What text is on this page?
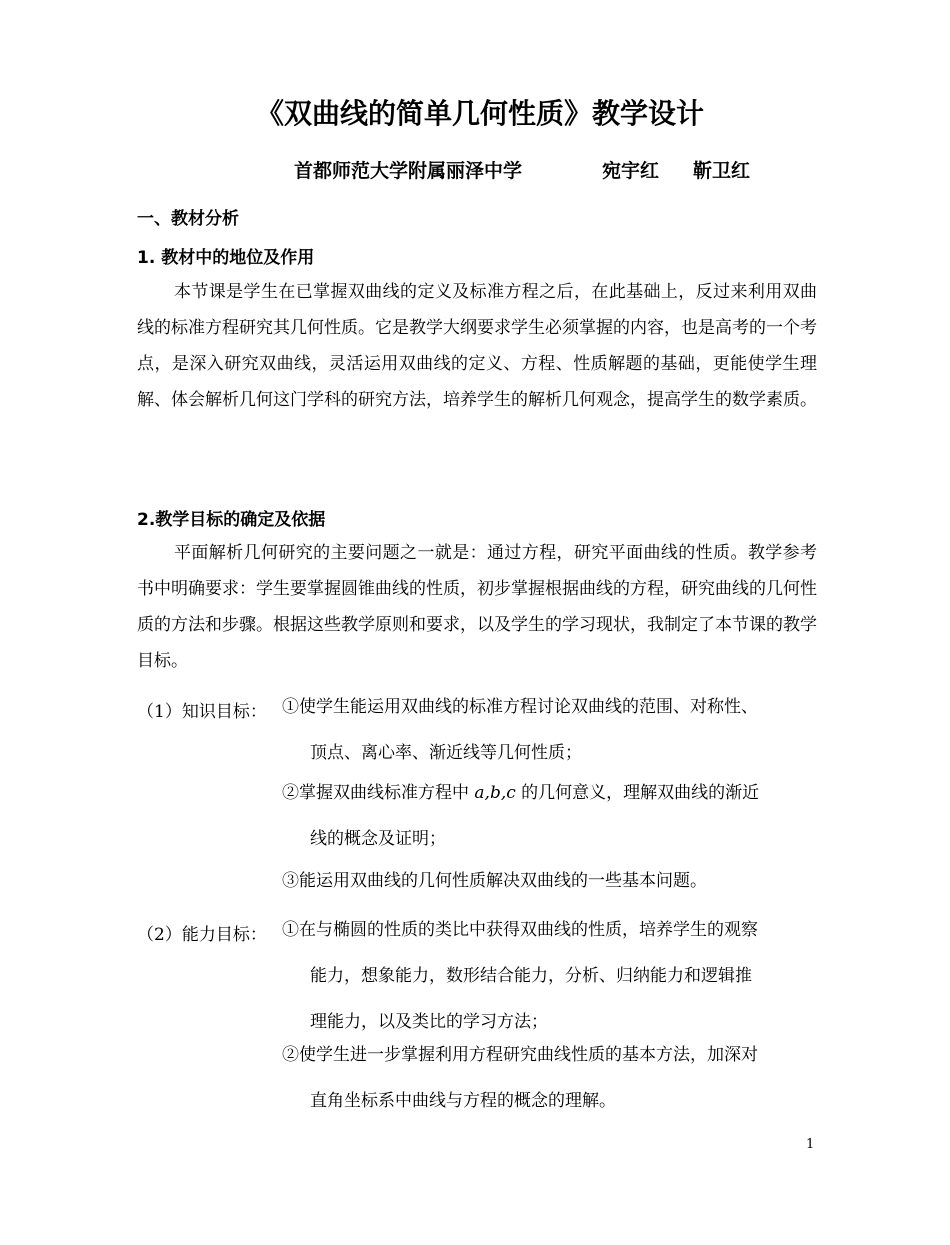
《双曲线的简单几何性质》教学设计
首都师范大学附属丽泽中学	宛宇红 靳卫红
一、教材分析
1. 教材中的地位及作用
本节课是学生在已掌握双曲线的定义及标准方程之后，在此基础上，反过来利用双曲线的标准方程研究其几何性质。它是教学大纲要求学生必须掌握的内容，也是高考的一个考点，是深入研究双曲线，灵活运用双曲线的定义、方程、性质解题的基础，更能使学生理解、体会解析几何这门学科的研究方法，培养学生的解析几何观念，提高学生的数学素质。
2.教学目标的确定及依据
平面解析几何研究的主要问题之一就是：通过方程，研究平面曲线的性质。教学参考书中明确要求：学生要掌握圆锥曲线的性质，初步掌握根据曲线的方程，研究曲线的几何性质的方法和步骤。根据这些教学原则和要求，以及学生的学习现状，我制定了本节课的教学目标。
（1）知识目标： ①使学生能运用双曲线的标准方程讨论双曲线的范围、对称性、
顶点、离心率、渐近线等几何性质；
②掌握双曲线标准方程中 a,b,c 的几何意义，理解双曲线的渐近
线的概念及证明；
③能运用双曲线的几何性质解决双曲线的一些基本问题。
（2）能力目标： ①在与椭圆的性质的类比中获得双曲线的性质，培养学生的观察
能力，想象能力，数形结合能力，分析、归纳能力和逻辑推
理能力，以及类比的学习方法；
②使学生进一步掌握利用方程研究曲线性质的基本方法，加深对
直角坐标系中曲线与方程的概念的理解。
1
